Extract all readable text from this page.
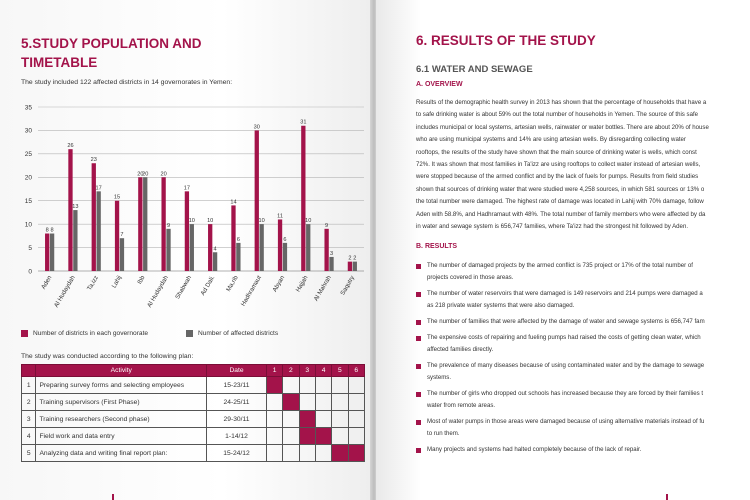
5.STUDY POPULATION AND
TIMETABLE
The study included 122 affected districts in 14 governorates in Yemen:
0
5
10
15
20
25
30
35
8 8
Aden
26
13
Al Hudaydah
23
17
Ta,izz
15
7
Lahij
20
20
Ibb
20
9
Al Hudaydah
17
10
Shabwah
10
4
Ad Dali.
14
6
Ma,rib
30
10
Hadhramaut
11
6
Abyan
31
10
Hajjah
9
3
Al Mahrah
2 2
Saqutry
Number of districts in each governorate	Number of affected districts
The study was conducted according to the following plan:
	Activity	Date	1	2	3	4	5	6
1	Preparing survey forms and selecting employees	15-23/11						
2	Training supervisors (First Phase)	24-25/11						
3	Training researchers (Second phase)	29-30/11						
4	Field work and data entry	1-14/12						
5	Analyzing data and writing final report plan:	15-24/12						
6. RESULTS OF THE STUDY
6.1 WATER AND SEWAGE
A. OVERVIEW
Results of the demographic health survey in 2013 has shown that the percentage of households that have a
to safe drinking water is about 59% out the total number of households in Yemen. The source of this safe
includes municipal or local systems, artesian wells, rainwater or water bottles. There are about 20% of house
who are using municipal systems and 14% are using artesian wells. By disregarding collecting water
rooftops, the results of the study have shown that the main source of drinking water is wells, which const
72%. It was shown that most families in Ta'izz are using rooftops to collect water instead of artesian wells,
were stopped because of the armed conflict and by the lack of fuels for pumps. Results from field studies
shown that sources of drinking water that were studied were 4,258 sources, in which 581 sources or 13% o
the total number were damaged. The highest rate of damage was located in Lahij with 70% damage, follow
Aden with 58.8%, and Hadhramaut with 48%. The total number of family members who were affected by da
in water and sewage system is 656,747 families, where Ta'izz had the strongest hit followed by Aden.
B. RESULTS
The number of damaged projects by the armed conflict is 735 project or 17% of the total number of
projects covered in those areas.
The number of water reservoirs that were damaged is 149 reservoirs and 214 pumps were damaged a
as 218 private water systems that were also damaged.
The number of families that were affected by the damage of water and sewage systems is 656,747 fam
The expensive costs of repairing and fueling pumps had raised the costs of getting clean water, which
affected families directly.
The prevalence of many diseases because of using contaminated water and by the damage to sewage
systems.
The number of girls who dropped out schools has increased because they are forced by their families t
water from remote areas.
Most of water pumps in those areas were damaged because of using alternative materials instead of fu
to run them.
Many projects and systems had halted completely because of the lack of repair.
